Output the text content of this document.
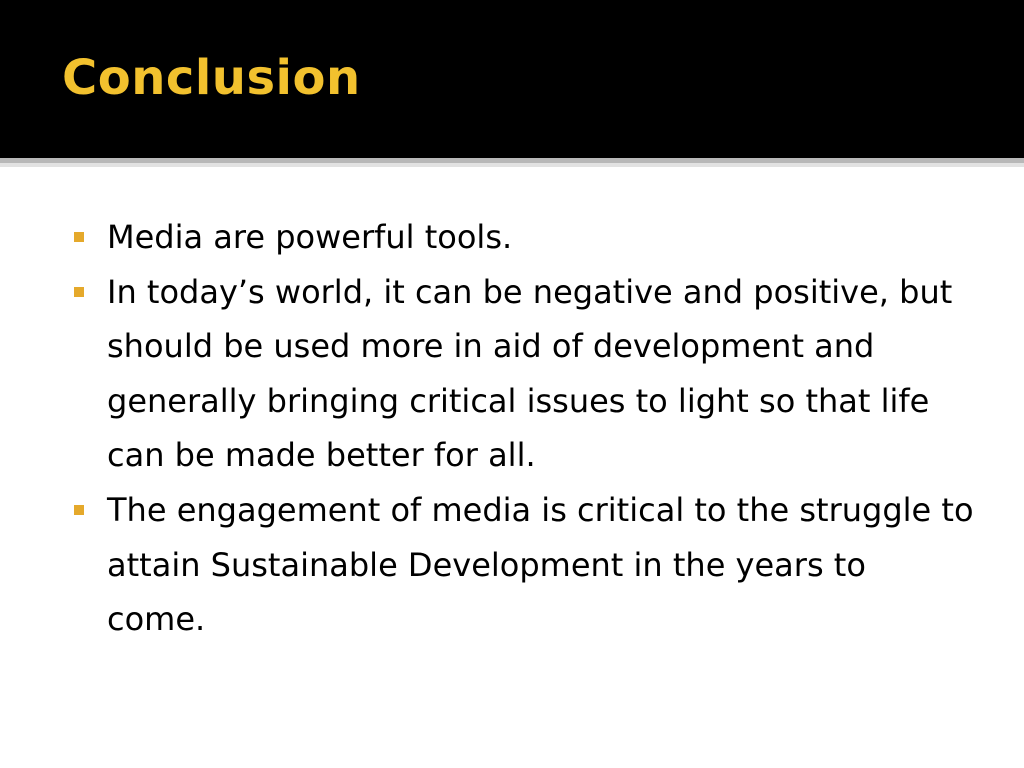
Conclusion
Media are powerful tools.
In today’s world, it can be negative and positive, but should be used more in aid of development and generally bringing critical issues to light so that life can be made better for all.
The engagement of media is critical to the struggle to attain Sustainable Development in the years to come.
